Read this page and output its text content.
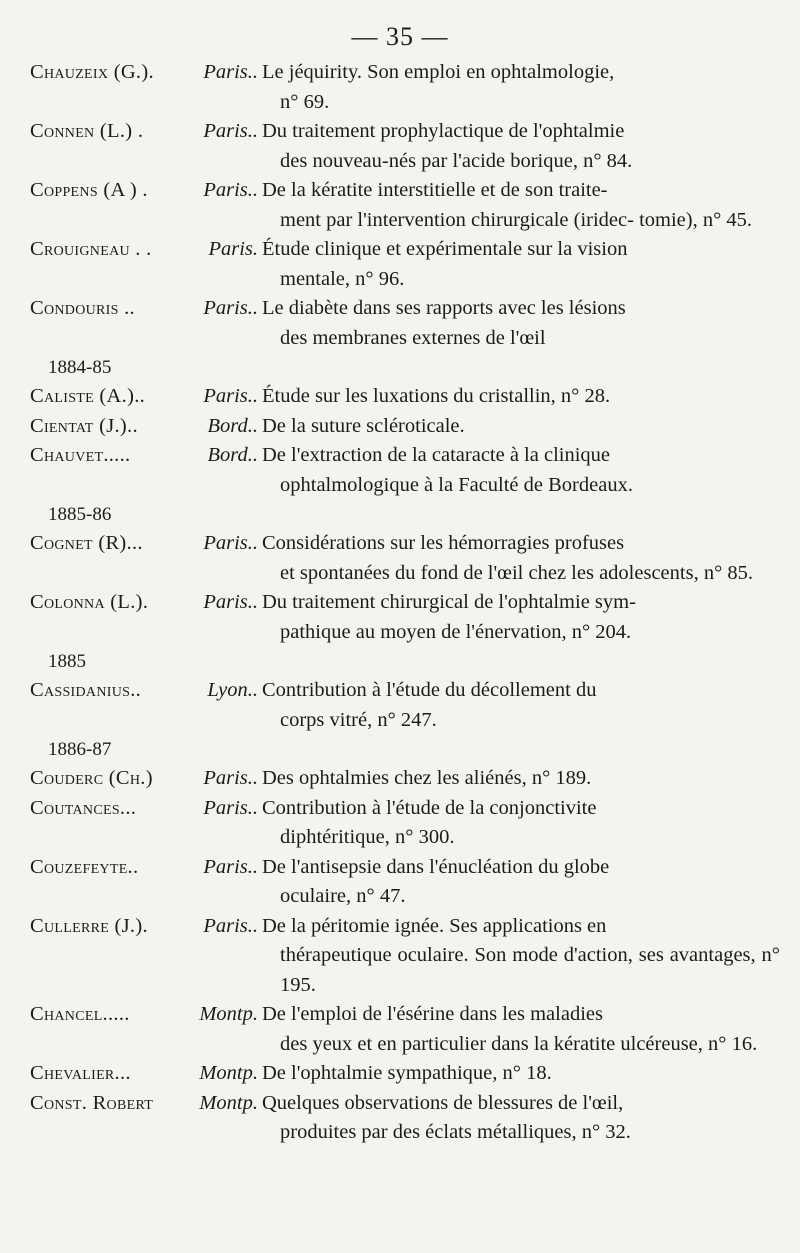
— 35 —
Chauzeix (G.). Paris.. Le jéquirity. Son emploi en ophtalmologie,
n° 69.
Connen (L.) .	Paris.. Du traitement prophylactique de l'ophtalmie
des nouveau-nés par l'acide borique, n° 84.
Coppens (A ) .	Paris.. De la kératite interstitielle et de son traite-
ment par l'intervention chirurgicale (iridec- tomie), n° 45.
Crouigneau . .	Paris. Étude clinique et expérimentale sur la vision
mentale, n° 96.
Condouris ..	Paris.. Le diabète dans ses rapports avec les lésions
des membranes externes de l'œil
1884-85
Caliste (A.)..	Paris.. Étude sur les luxations du cristallin, n° 28.
Cientat (J.)..	Bord.. De la suture scléroticale.
Chauvet.....	Bord.. De l'extraction de la cataracte à la clinique
ophtalmologique à la Faculté de Bordeaux.
1885-86
Cognet (R)...	Paris.. Considérations sur les hémorragies profuses
et spontanées du fond de l'œil chez les adolescents, n° 85.
Colonna (L.).	Paris.. Du traitement chirurgical de l'ophtalmie sym-
pathique au moyen de l'énervation, n° 204.
1885
Cassidanius..	Lyon.. Contribution à l'étude du décollement du
corps vitré, n° 247.
1886-87
Couderc (Ch.) Paris.. Des ophtalmies chez les aliénés, n° 189.
Coutances...	Paris.. Contribution à l'étude de la conjonctivite
diphtéritique, n° 300.
Couzefeyte..	Paris.. De l'antisepsie dans l'énucléation du globe
oculaire, n° 47.
Cullerre (J.).	Paris.. De la péritomie ignée. Ses applications en
thérapeutique oculaire. Son mode d'action, ses avantages, n° 195.
Chancel.....	Montp. De l'emploi de l'ésérine dans les maladies
des yeux et en particulier dans la kératite ulcéreuse, n° 16.
Chevalier...	Montp. De l'ophtalmie sympathique, n° 18.
Const. Robert Montp. Quelques observations de blessures de l'œil,
produites par des éclats métalliques, n° 32.
